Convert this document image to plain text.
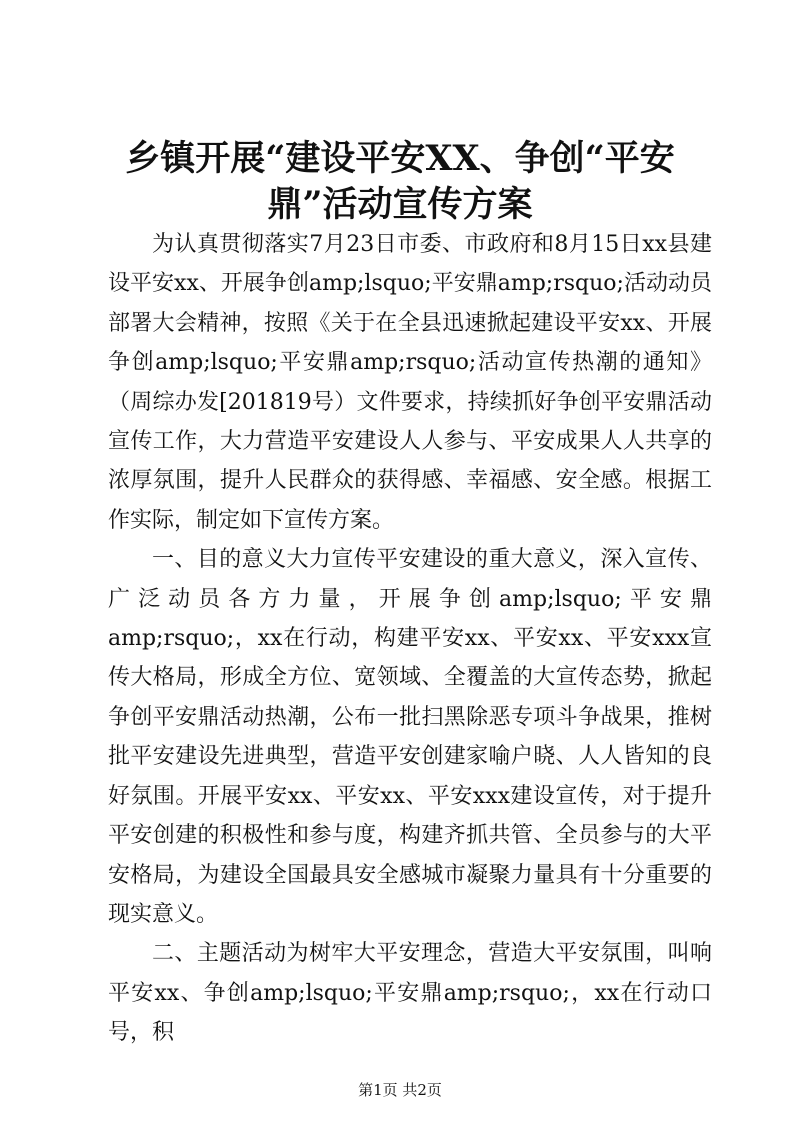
乡镇开展“建设平安XX、争创“平安鼎”活动宣传方案

为认真贯彻落实7月23日市委、市政府和8月15日xx县建设平安xx、开展争创amp;lsquo;平安鼎amp;rsquo;活动动员部署大会精神，按照《关于在全县迅速掀起建设平安xx、开展争创amp;lsquo;平安鼎amp;rsquo;活动宣传热潮的通知》（周综办发[201819号）文件要求，持续抓好争创平安鼎活动宣传工作，大力营造平安建设人人参与、平安成果人人共享的浓厚氛围，提升人民群众的获得感、幸福感、安全感。根据工作实际，制定如下宣传方案。

一、目的意义大力宣传平安建设的重大意义，深入宣传、广泛动员各方力量，开展争创amp;lsquo;平安鼎amp;rsquo;，xx在行动，构建平安xx、平安xx、平安xxx宣传大格局，形成全方位、宽领域、全覆盖的大宣传态势，掀起争创平安鼎活动热潮，公布一批扫黑除恶专项斗争战果，推树批平安建设先进典型，营造平安创建家喻户晓、人人皆知的良好氛围。开展平安xx、平安xx、平安xxx建设宣传，对于提升平安创建的积极性和参与度，构建齐抓共管、全员参与的大平安格局，为建设全国最具安全感城市凝聚力量具有十分重要的现实意义。

二、主题活动为树牢大平安理念，营造大平安氛围，叫响平安xx、争创amp;lsquo;平安鼎amp;rsquo;，xx在行动口号，积

第1页 共2页
